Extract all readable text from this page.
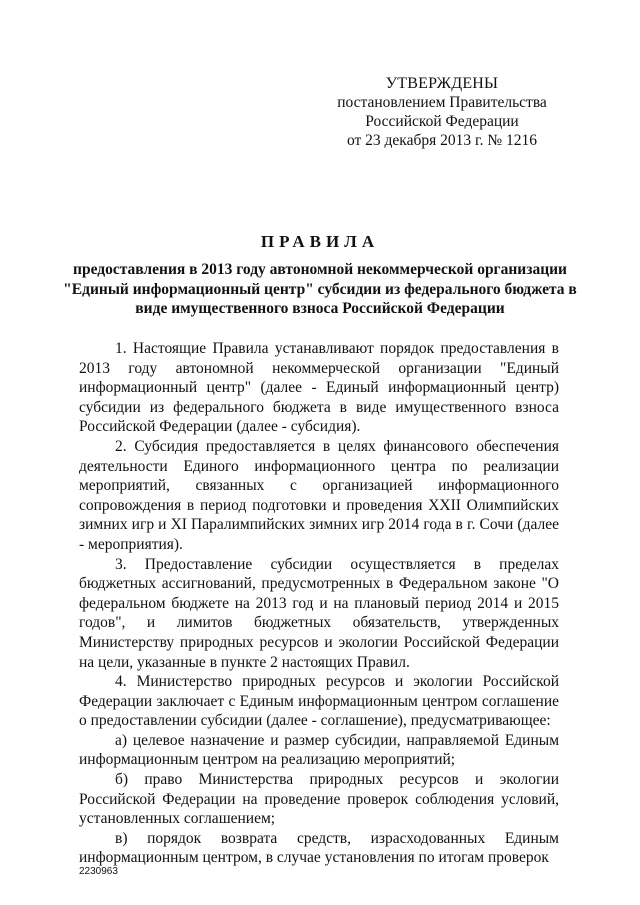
УТВЕРЖДЕНЫ
постановлением Правительства
Российской Федерации
от 23 декабря 2013 г. № 1216
ПРАВИЛА
предоставления в 2013 году автономной некоммерческой организации "Единый информационный центр" субсидии из федерального бюджета в виде имущественного взноса Российской Федерации

1. Настоящие Правила устанавливают порядок предоставления в 2013 году автономной некоммерческой организации "Единый информационный центр" (далее - Единый информационный центр) субсидии из федерального бюджета в виде имущественного взноса Российской Федерации (далее - субсидия).

2. Субсидия предоставляется в целях финансового обеспечения деятельности Единого информационного центра по реализации мероприятий, связанных с организацией информационного сопровождения в период подготовки и проведения XXII Олимпийских зимних игр и XI Паралимпийских зимних игр 2014 года в г. Сочи (далее - мероприятия).

3. Предоставление субсидии осуществляется в пределах бюджетных ассигнований, предусмотренных в Федеральном законе "О федеральном бюджете на 2013 год и на плановый период 2014 и 2015 годов", и лимитов бюджетных обязательств, утвержденных Министерству природных ресурсов и экологии Российской Федерации на цели, указанные в пункте 2 настоящих Правил.

4. Министерство природных ресурсов и экологии Российской Федерации заключает с Единым информационным центром соглашение о предоставлении субсидии (далее - соглашение), предусматривающее:

а) целевое назначение и размер субсидии, направляемой Единым информационным центром на реализацию мероприятий;

б) право Министерства природных ресурсов и экологии Российской Федерации на проведение проверок соблюдения условий, установленных соглашением;

в) порядок возврата средств, израсходованных Единым информационным центром, в случае установления по итогам проверок

2230963
